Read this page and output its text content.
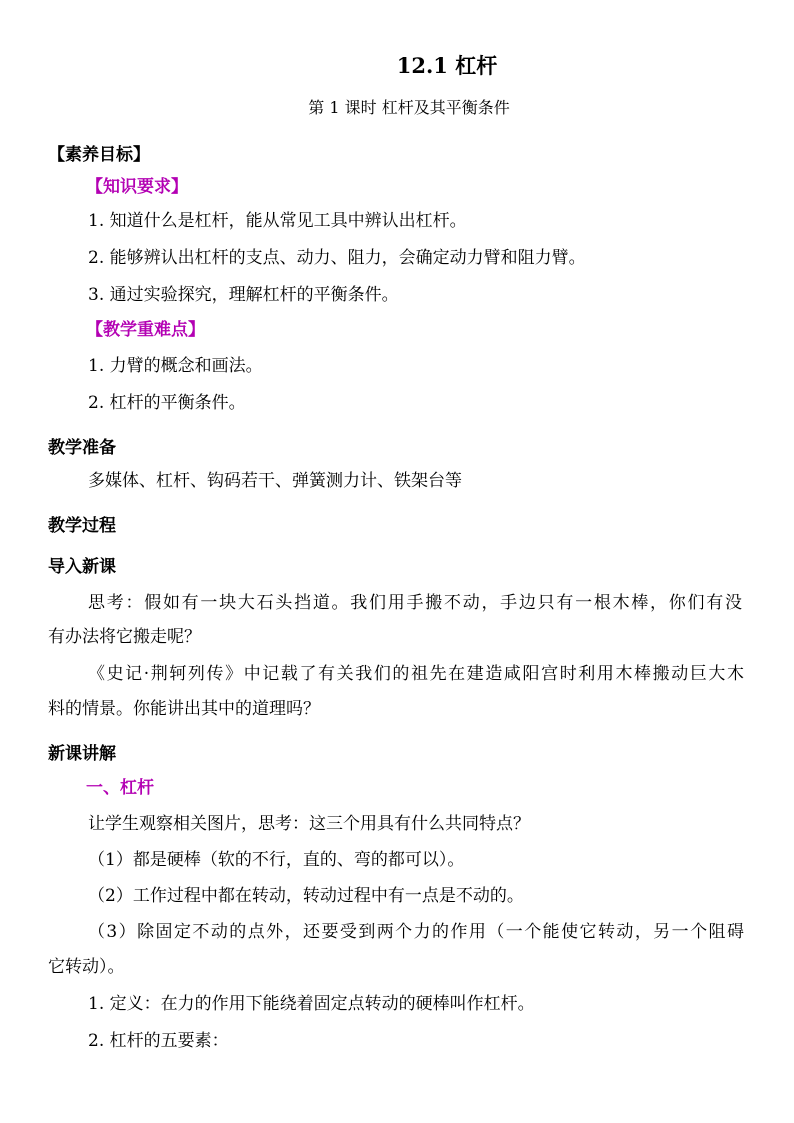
12.1 杠杆
第 1 课时 杠杆及其平衡条件
【素养目标】
【知识要求】
1. 知道什么是杠杆，能从常见工具中辨认出杠杆。
2. 能够辨认出杠杆的支点、动力、阻力，会确定动力臂和阻力臂。
3. 通过实验探究，理解杠杆的平衡条件。
【教学重难点】
1. 力臂的概念和画法。
2. 杠杆的平衡条件。
教学准备
多媒体、杠杆、钩码若干、弹簧测力计、铁架台等
教学过程
导入新课
思考：假如有一块大石头挡道。我们用手搬不动，手边只有一根木棒，你们有没
有办法将它搬走呢？
《史记·荆轲列传》中记载了有关我们的祖先在建造咸阳宫时利用木棒搬动巨大木
料的情景。你能讲出其中的道理吗？
新课讲解
一、杠杆
让学生观察相关图片，思考：这三个用具有什么共同特点？
（1）都是硬棒（软的不行，直的、弯的都可以）。
（2）工作过程中都在转动，转动过程中有一点是不动的。
（3）除固定不动的点外，还要受到两个力的作用（一个能使它转动，另一个阻碍
它转动）。
1. 定义：在力的作用下能绕着固定点转动的硬棒叫作杠杆。
2. 杠杆的五要素：
